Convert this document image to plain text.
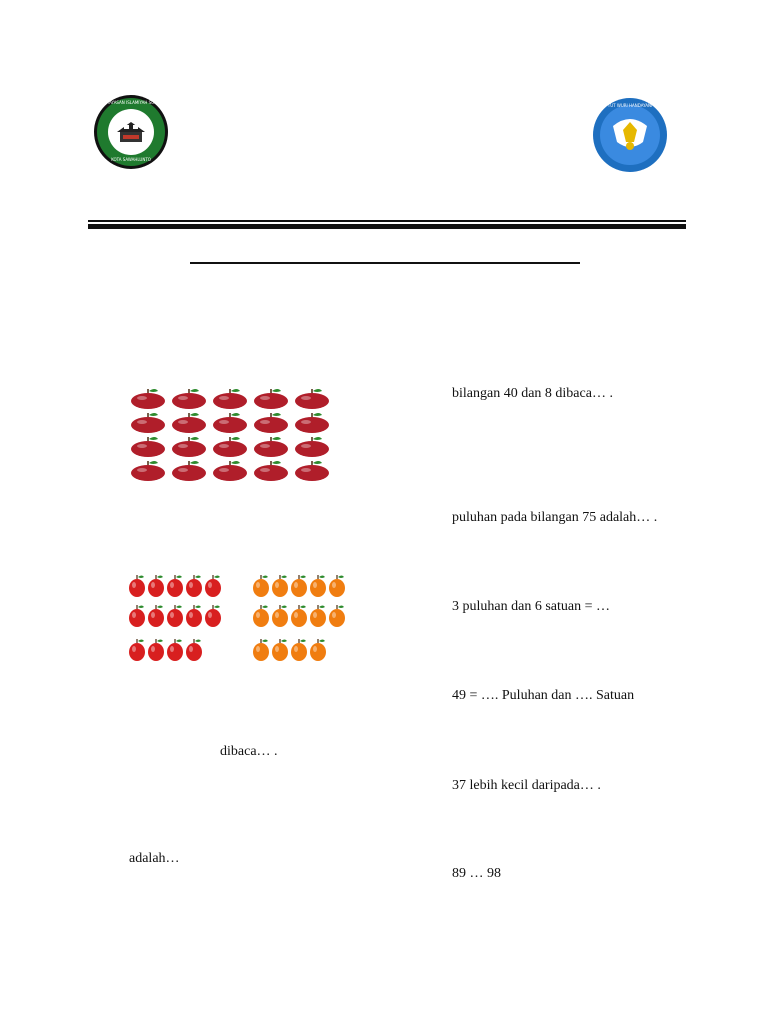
YAYASAN ISLAMIYAH SUMBAR
KOTA SAWAHLUNTO
TUT WURI HANDAYANI
bilangan 40 dan 8 dibaca… .
puluhan pada bilangan 75 adalah… .
3 puluhan dan 6 satuan = …
49 = …. Puluhan dan …. Satuan
37 lebih kecil daripada… .
89 … 98
dibaca… .
adalah…
